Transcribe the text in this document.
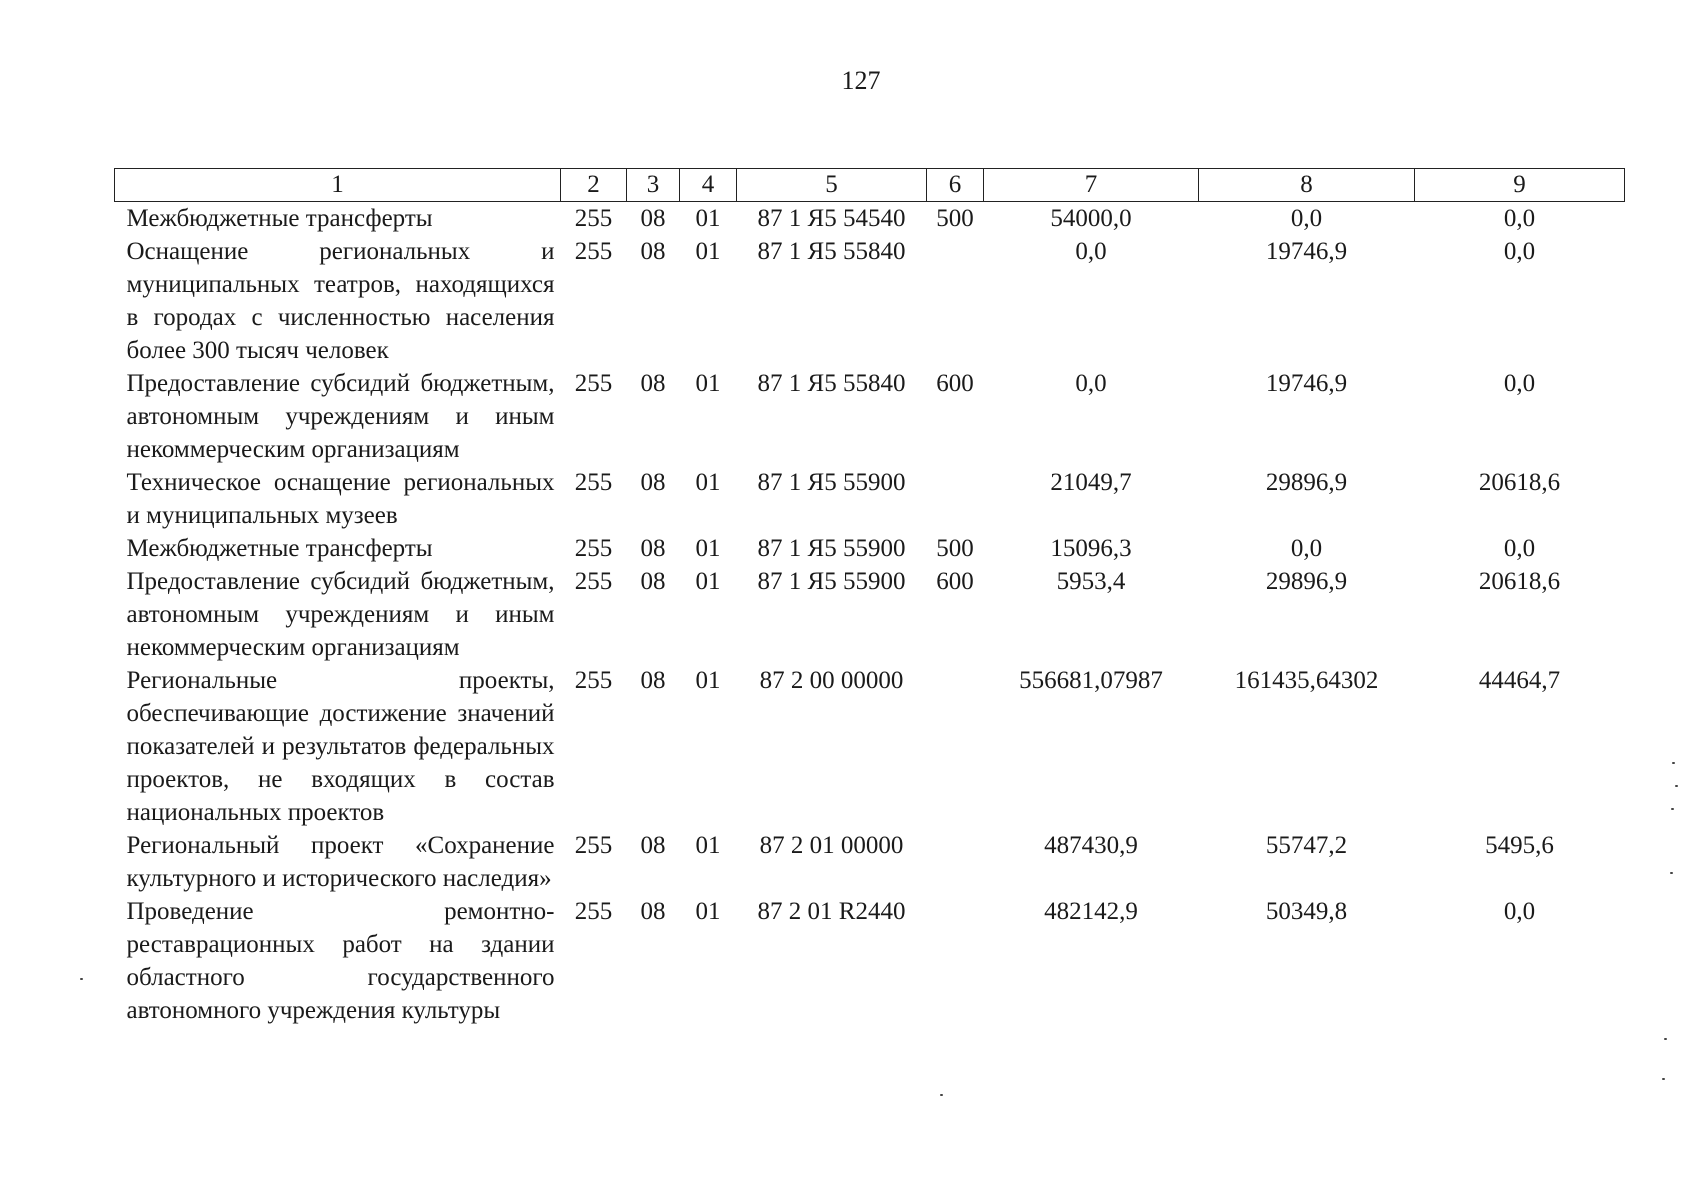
127
1	2	3	4	5	6	7	8	9
Межбюджетные трансферты	255	08	01	87 1 Я5 54540	500	54000,0	0,0	0,0
Оснащение региональных и муниципальных театров, находящихся в городах с численностью населения более 300 тысяч человек	255	08	01	87 1 Я5 55840		0,0	19746,9	0,0
Предоставление субсидий бюджетным, автономным учреждениям и иным некоммерческим организациям	255	08	01	87 1 Я5 55840	600	0,0	19746,9	0,0
Техническое оснащение региональных и муниципальных музеев	255	08	01	87 1 Я5 55900		21049,7	29896,9	20618,6
Межбюджетные трансферты	255	08	01	87 1 Я5 55900	500	15096,3	0,0	0,0
Предоставление субсидий бюджетным, автономным учреждениям и иным некоммерческим организациям	255	08	01	87 1 Я5 55900	600	5953,4	29896,9	20618,6
Региональные проекты, обеспечивающие достижение значений показателей и результатов федеральных проектов, не входящих в состав национальных проектов	255	08	01	87 2 00 00000		556681,07987	161435,64302	44464,7
Региональный проект «Сохранение культурного и исторического наследия»	255	08	01	87 2 01 00000		487430,9	55747,2	5495,6
Проведение ремонтно-реставрационных работ на здании областного государственного автономного учреждения культуры	255	08	01	87 2 01 R2440		482142,9	50349,8	0,0
